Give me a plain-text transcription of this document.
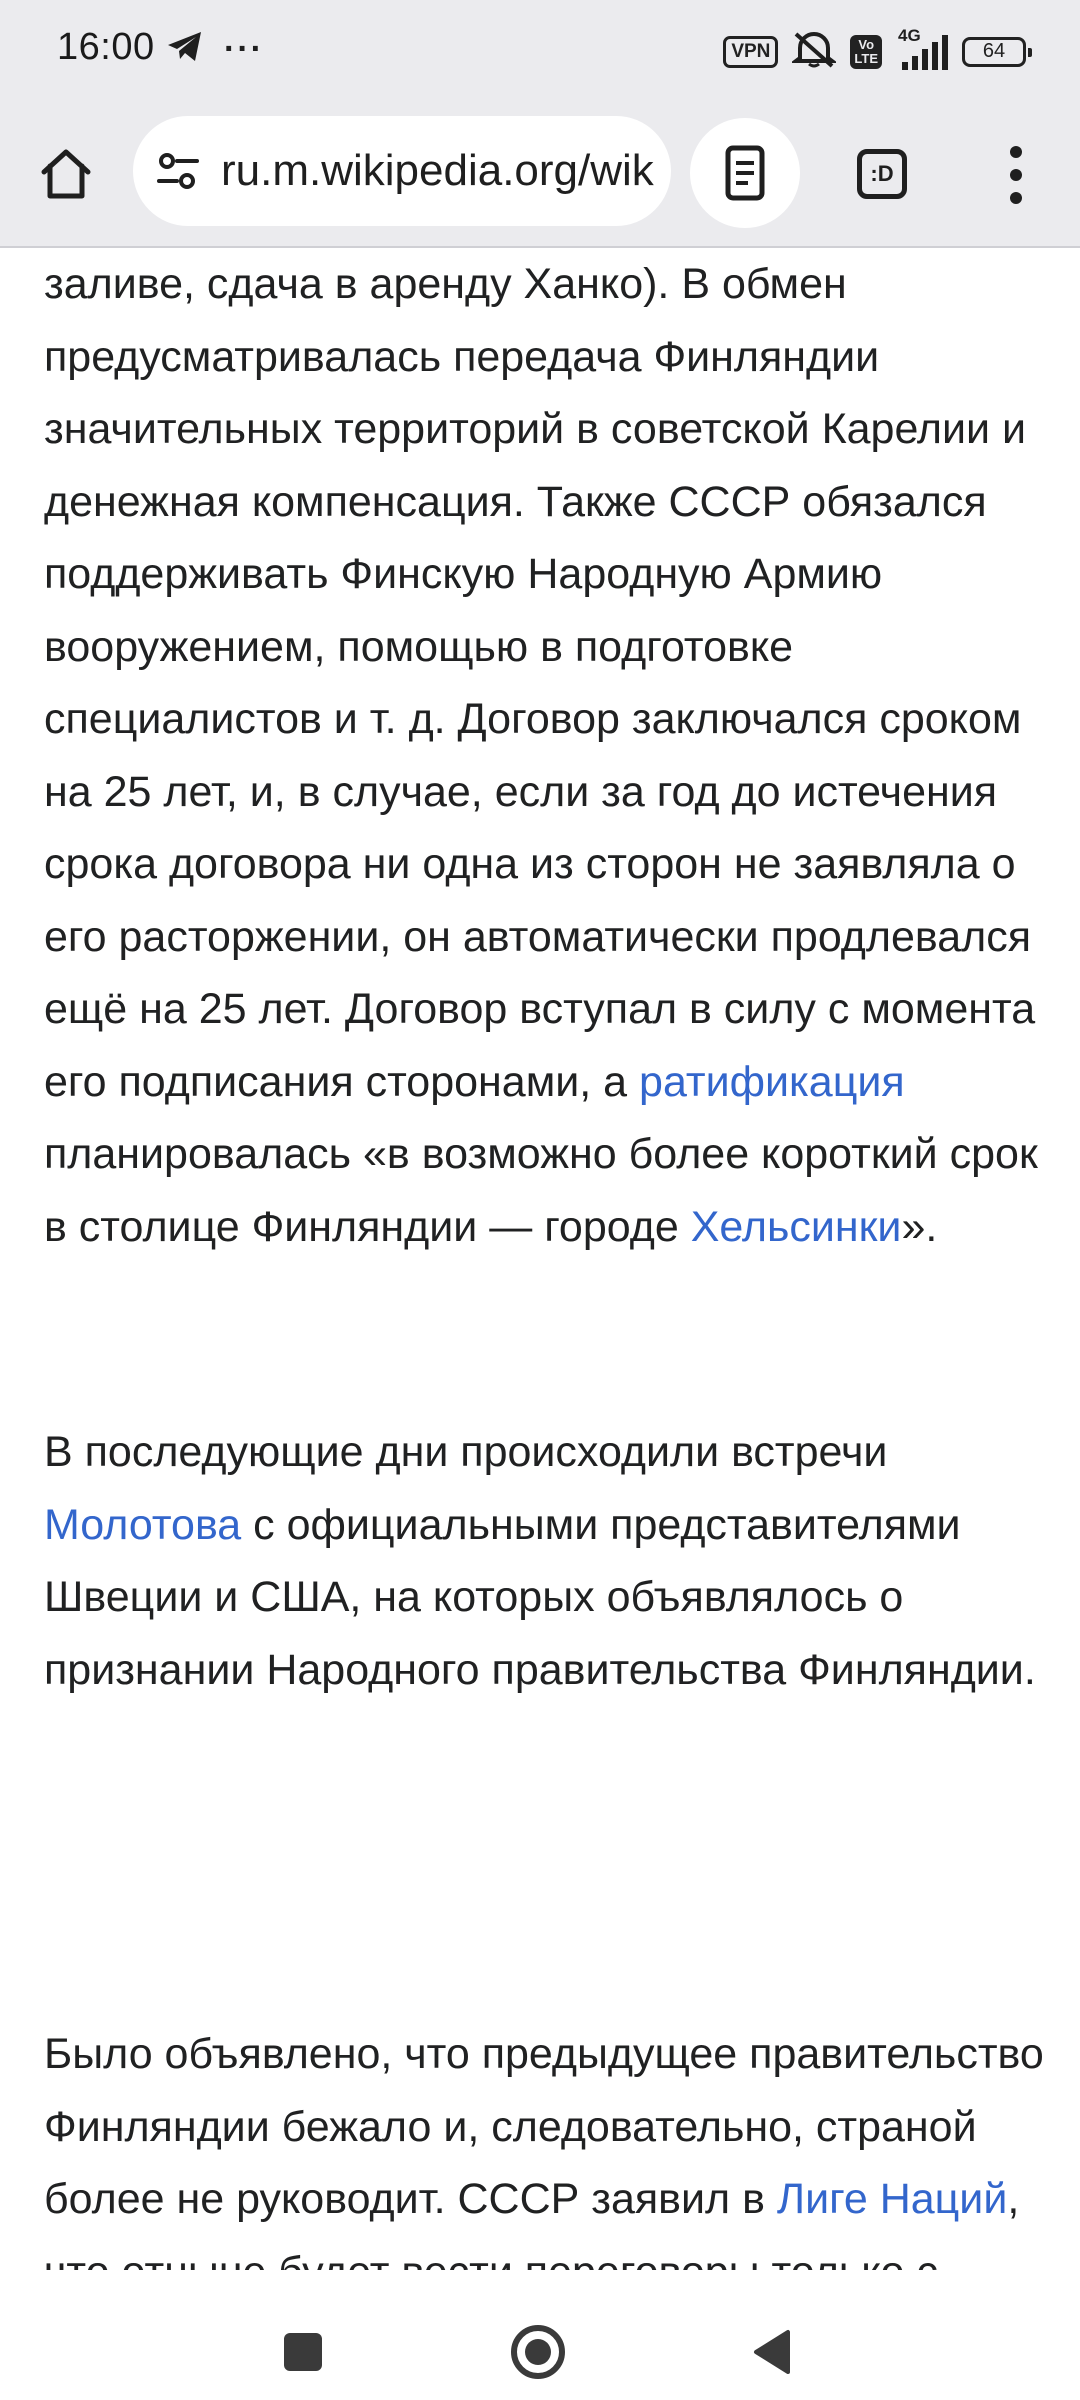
16:00 ···	VPN	Vo
LTE
4G
64
ru.m.wikipedia.org/wik	:D

заливе, сдача в аренду Ханко). В обмен предусматривалась передача Финляндии значительных территорий в советской Карелии и денежная компенсация. Также СССР обязался поддерживать Финскую Народную Армию вооружением, помощью в подготовке специалистов и т. д. Договор заключался сроком на 25 лет, и, в случае, если за год до истечения срока договора ни одна из сторон не заявляла о его расторжении, он автоматически продлевался ещё на 25 лет. Договор вступал в силу с момента его подписания сторонами, а ратификация планировалась «в возможно более короткий срок в столице Финляндии — городе Хельсинки».

В последующие дни происходили встречи Молотова с официальными представителями Швеции и США, на которых объявлялось о признании Народного правительства Финляндии.

Было объявлено, что предыдущее правительство Финляндии бежало и, следовательно, страной более не руководит. СССР заявил в Лиге Наций,
